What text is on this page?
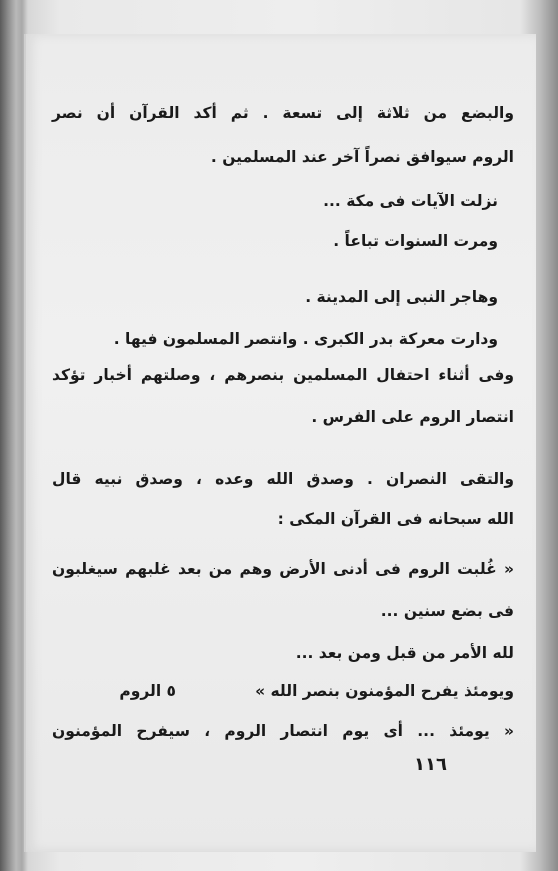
والبضع من ثلاثة إلى تسعة . ثم أكد القرآن أن نصر
الروم سيوافق نصراً آخر عند المسلمين .
نزلت الآيات فى مكة ...
ومرت السنوات تباعاً .
وهاجر النبى إلى المدينة .
ودارت معركة بدر الكبرى . وانتصر المسلمون فيها .
وفى أثناء احتفال المسلمين بنصرهم ، وصلتهم أخبار تؤكد
انتصار الروم على الفرس .
والتقى النصران . وصدق الله وعده ، وصدق نبيه قال
الله سبحانه فى القرآن المكى :
« غُلبت الروم فى أدنى الأرض وهم من بعد غلبهم سيغلبون
فى بضع سنين ...
لله الأمر من قبل ومن بعد ...
ويومئذ يفرح المؤمنون بنصر الله »
٥ الروم
« يومئذ ... أى يوم انتصار الروم ، سيفرح المؤمنون
١١٦
